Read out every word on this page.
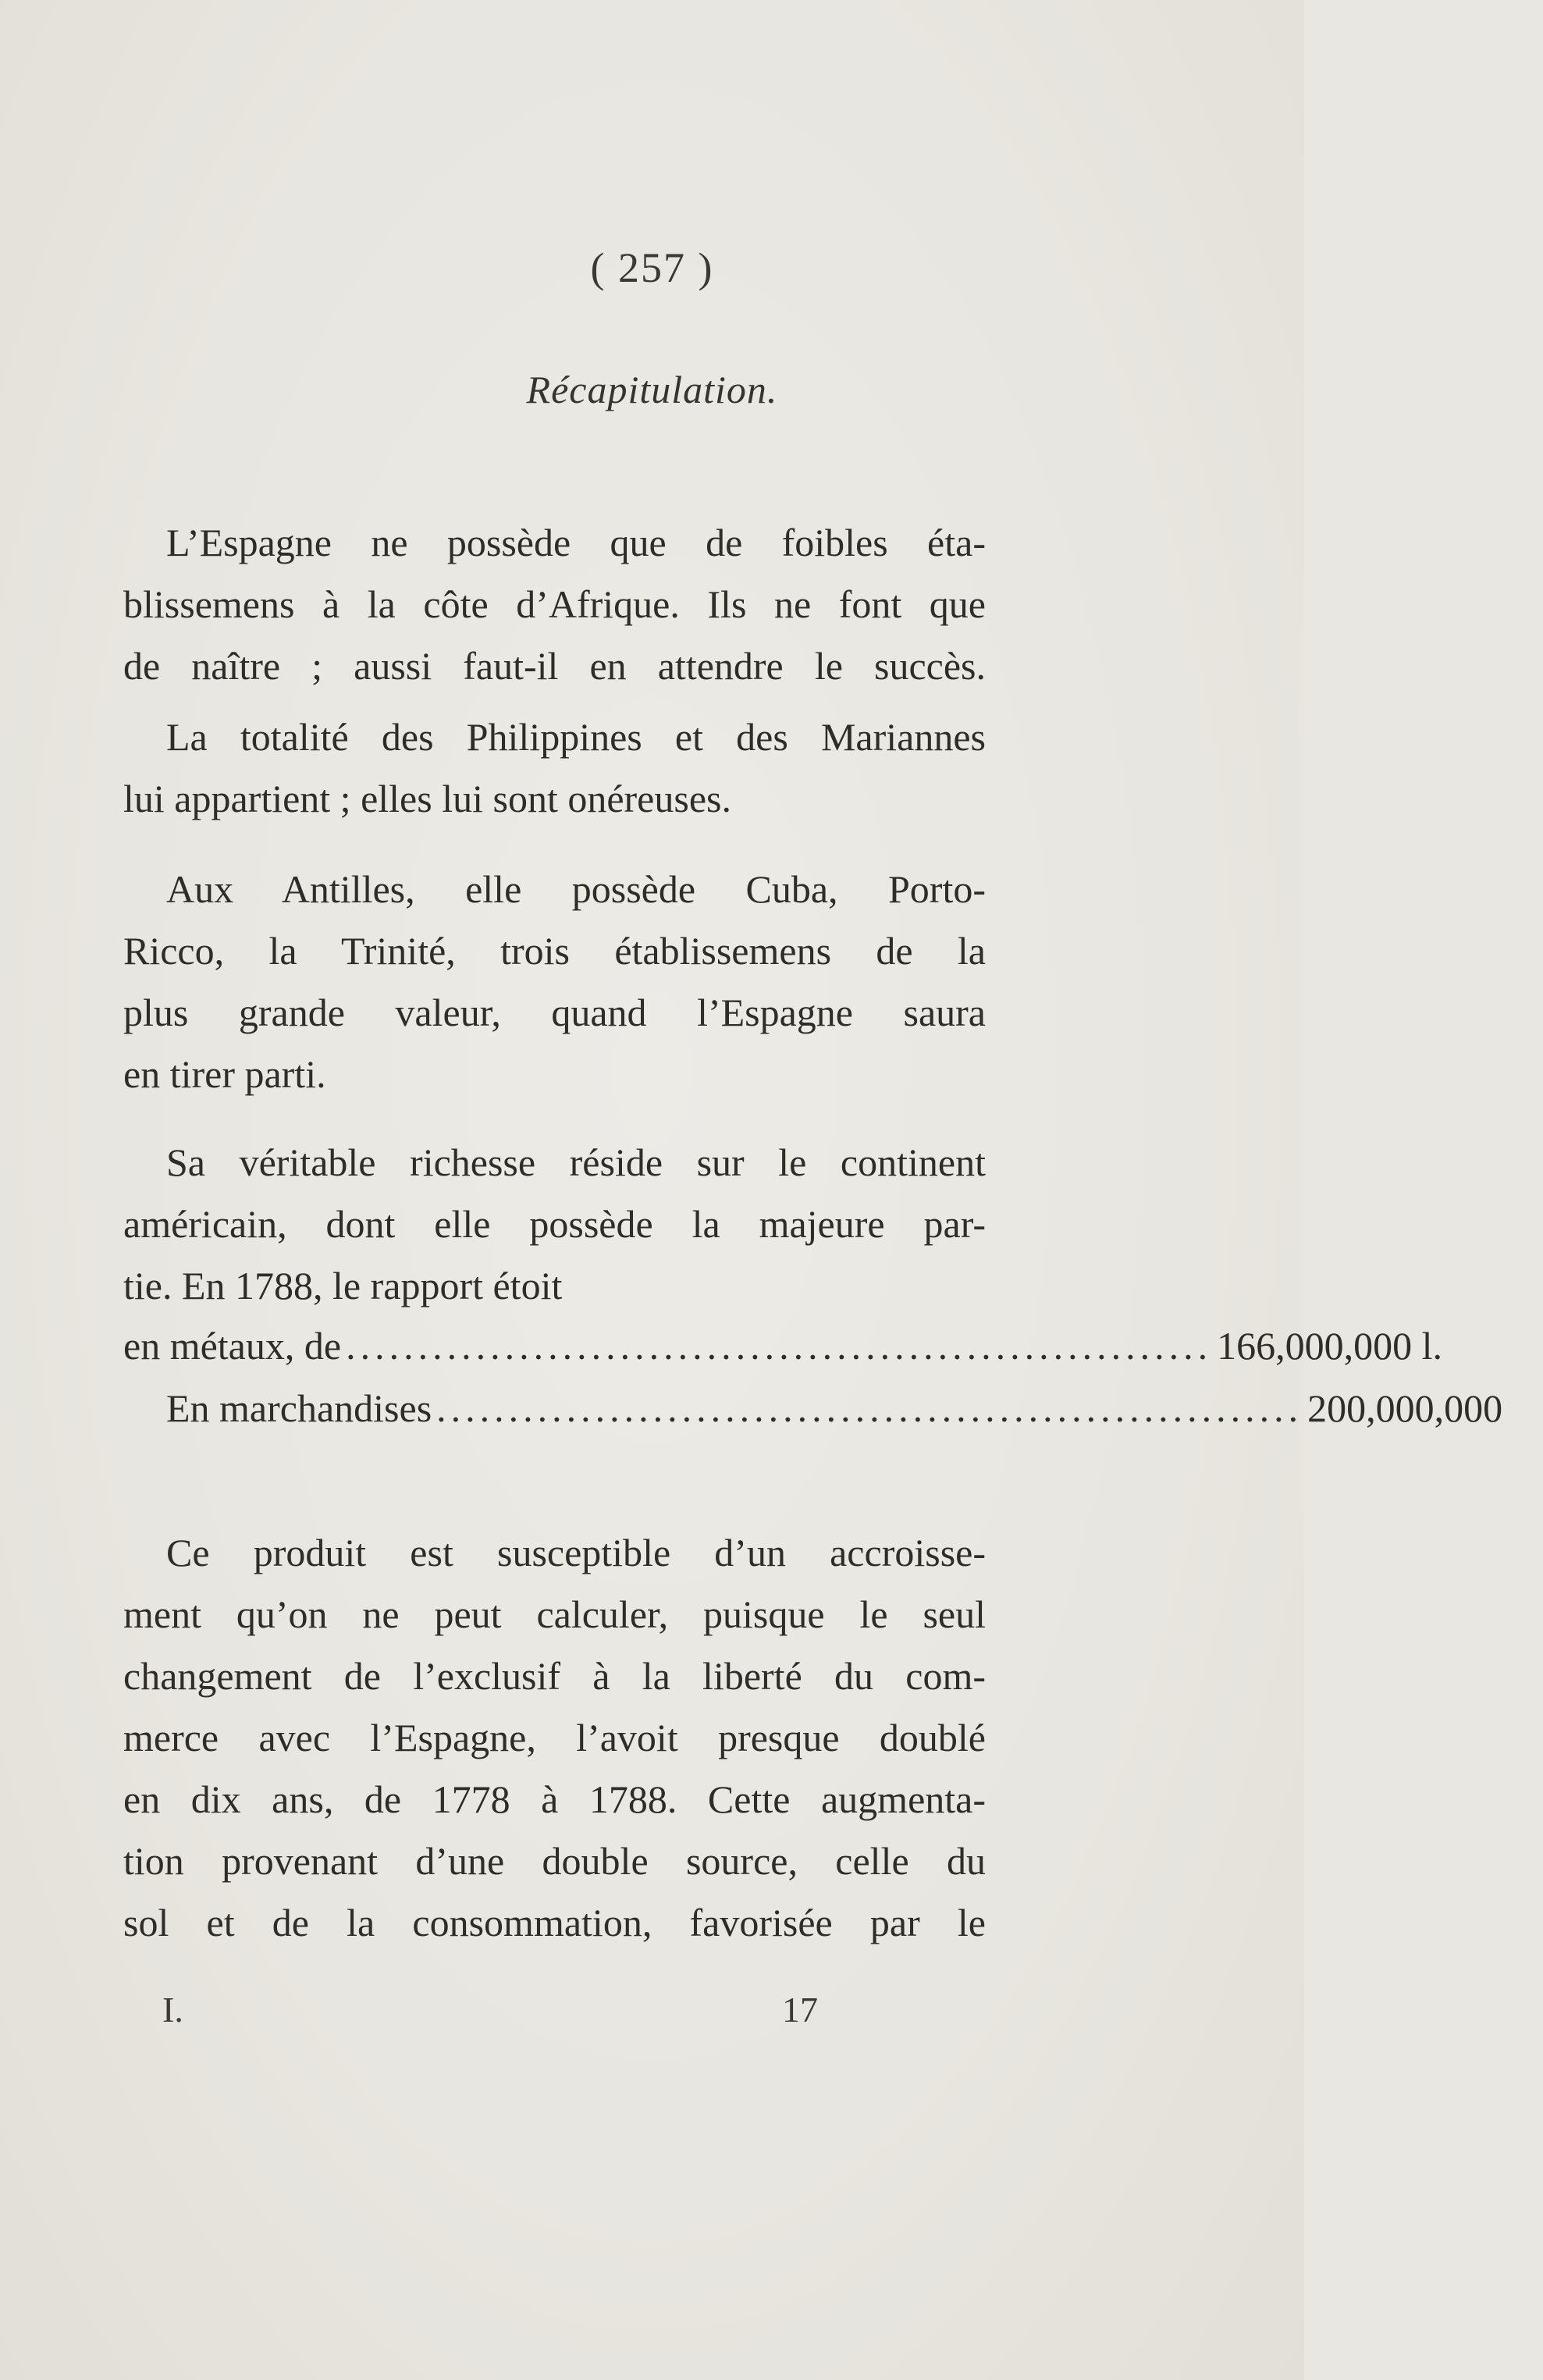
( 257 )
Récapitulation.
L’Espagne ne possède que de foibles éta-
blissemens à la côte d’Afrique. Ils ne font que
de naître ; aussi faut-il en attendre le succès.
La totalité des Philippines et des Mariannes
lui appartient ; elles lui sont onéreuses.
Aux Antilles, elle possède Cuba, Porto-
Ricco, la Trinité, trois établissemens de la
plus grande valeur, quand l’Espagne saura
en tirer parti.
Sa véritable richesse réside sur le continent
américain, dont elle possède la majeure par-
tie. En 1788, le rapport étoit
en métaux, de ............................................................ 166,000,000 l.
En marchandises ............................................................ 200,000,000
Ce produit est susceptible d’un accroisse-
ment qu’on ne peut calculer, puisque le seul
changement de l’exclusif à la liberté du com-
merce avec l’Espagne, l’avoit presque doublé
en dix ans, de 1778 à 1788. Cette augmenta-
tion provenant d’une double source, celle du
sol et de la consommation, favorisée par le
I.	17
